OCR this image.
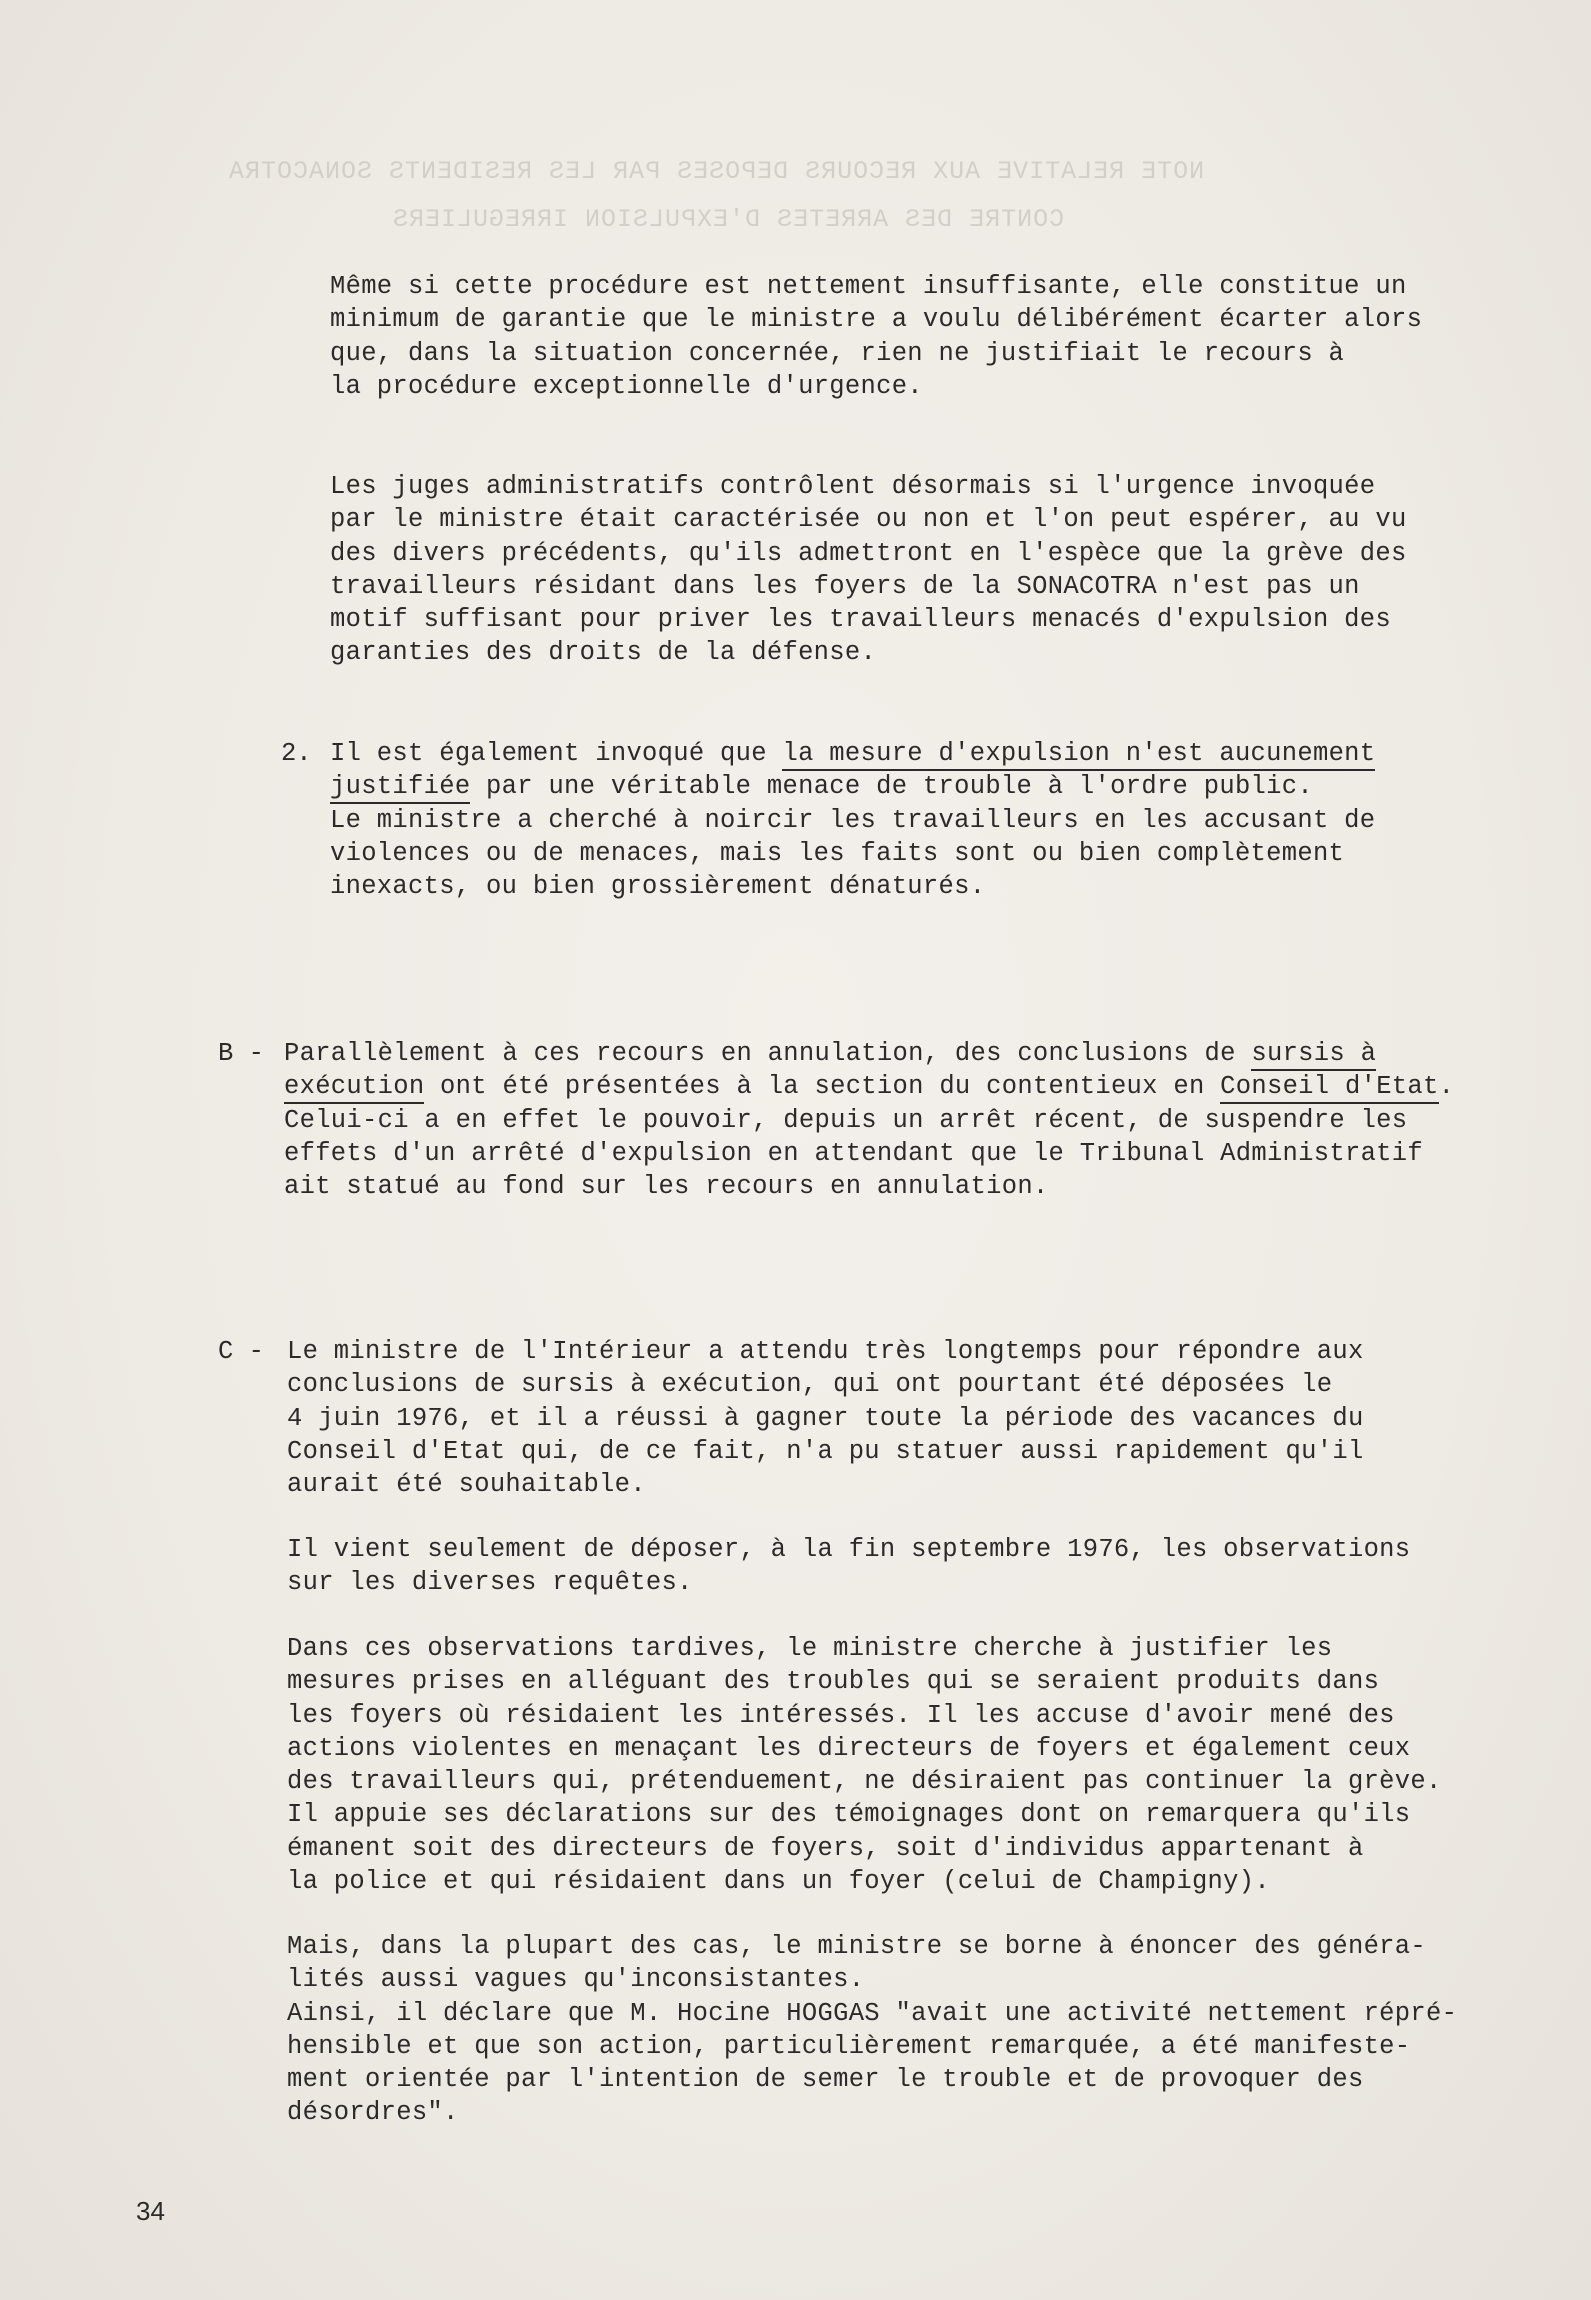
NOTE RELATIVE AUX RECOURS DEPOSES PAR LES RESIDENTS SONACOTRA
CONTRE DES ARRETES D'EXPULSION IRREGULIERS
Même si cette procédure est nettement insuffisante, elle constitue un
minimum de garantie que le ministre a voulu délibérément écarter alors
que, dans la situation concernée, rien ne justifiait le recours à
la procédure exceptionnelle d'urgence.
Les juges administratifs contrôlent désormais si l'urgence invoquée
par le ministre était caractérisée ou non et l'on peut espérer, au vu
des divers précédents, qu'ils admettront en l'espèce que la grève des
travailleurs résidant dans les foyers de la SONACOTRA n'est pas un
motif suffisant pour priver les travailleurs menacés d'expulsion des
garanties des droits de la défense.
2. Il est également invoqué que la mesure d'expulsion n'est aucunement
justifiée par une véritable menace de trouble à l'ordre public.
Le ministre a cherché à noircir les travailleurs en les accusant de
violences ou de menaces, mais les faits sont ou bien complètement
inexacts, ou bien grossièrement dénaturés.
B - Parallèlement à ces recours en annulation, des conclusions de sursis à
exécution ont été présentées à la section du contentieux en Conseil d'Etat.
Celui-ci a en effet le pouvoir, depuis un arrêt récent, de suspendre les
effets d'un arrêté d'expulsion en attendant que le Tribunal Administratif
ait statué au fond sur les recours en annulation.
C - Le ministre de l'Intérieur a attendu très longtemps pour répondre aux
conclusions de sursis à exécution, qui ont pourtant été déposées le
4 juin 1976, et il a réussi à gagner toute la période des vacances du
Conseil d'Etat qui, de ce fait, n'a pu statuer aussi rapidement qu'il
aurait été souhaitable.
Il vient seulement de déposer, à la fin septembre 1976, les observations
sur les diverses requêtes.
Dans ces observations tardives, le ministre cherche à justifier les
mesures prises en alléguant des troubles qui se seraient produits dans
les foyers où résidaient les intéressés. Il les accuse d'avoir mené des
actions violentes en menaçant les directeurs de foyers et également ceux
des travailleurs qui, prétenduement, ne désiraient pas continuer la grève.
Il appuie ses déclarations sur des témoignages dont on remarquera qu'ils
émanent soit des directeurs de foyers, soit d'individus appartenant à
la police et qui résidaient dans un foyer (celui de Champigny).
Mais, dans la plupart des cas, le ministre se borne à énoncer des généra-
lités aussi vagues qu'inconsistantes.
Ainsi, il déclare que M. Hocine HOGGAS "avait une activité nettement répré-
hensible et que son action, particulièrement remarquée, a été manifeste-
ment orientée par l'intention de semer le trouble et de provoquer des
désordres".
34
